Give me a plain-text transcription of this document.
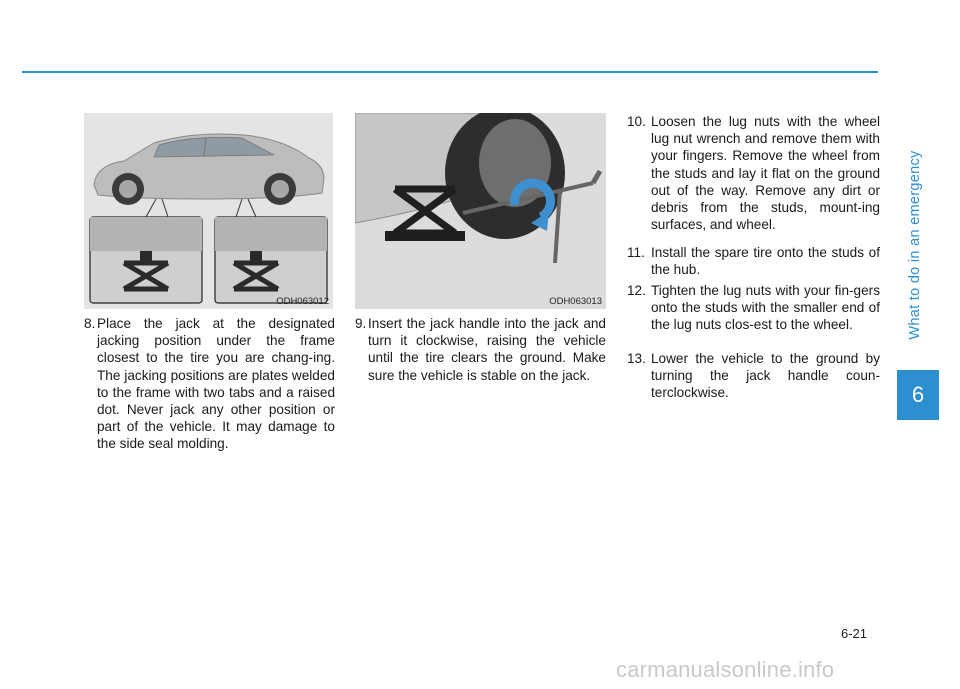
What to do in an emergency
6
ODH063012	ODH063013
8. Place the jack at the designated jacking position under the frame closest to the tire you are chang-ing. The jacking positions are plates welded to the frame with two tabs and a raised dot. Never jack any other position or part of the vehicle. It may damage to the side seal molding.
9. Insert the jack handle into the jack and turn it clockwise, raising the vehicle until the tire clears the ground. Make sure the vehicle is stable on the jack.
10. Loosen the lug nuts with the wheel lug nut wrench and remove them with your fingers. Remove the wheel from the studs and lay it flat on the ground out of the way. Remove any dirt or debris from the studs, mount-ing surfaces, and wheel.
11. Install the spare tire onto the studs of the hub.
12. Tighten the lug nuts with your fin-gers onto the studs with the smaller end of the lug nuts clos-est to the wheel.
13. Lower the vehicle to the ground by turning the jack handle coun-terclockwise.
6-21
carmanualsonline.info
